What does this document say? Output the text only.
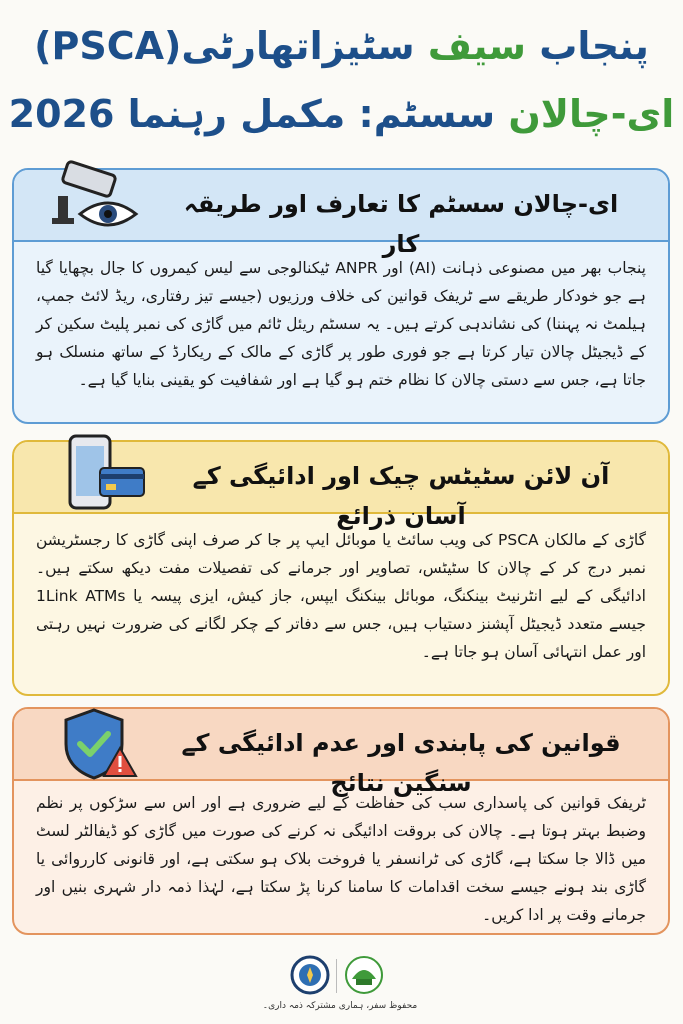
پنجاب سیف سٹیزاتھارٹی(PSCA)
ای-چالان سسٹم: مکمل رہنما 2026
ای-چالان سسٹم کا تعارف اور طریقہ کار
پنجاب بھر میں مصنوعی ذہانت (AI) اور ANPR ٹیکنالوجی سے لیس کیمروں کا جال بچھایا گیا ہے جو خودکار طریقے سے ٹریفک قوانین کی خلاف ورزیوں (جیسے تیز رفتاری، ریڈ لائٹ جمپ، ہیلمٹ نہ پہننا) کی نشاندہی کرتے ہیں۔ یہ سسٹم ریئل ٹائم میں گاڑی کی نمبر پلیٹ سکین کر کے ڈیجیٹل چالان تیار کرتا ہے جو فوری طور پر گاڑی کے مالک کے ریکارڈ کے ساتھ منسلک ہو جاتا ہے، جس سے دستی چالان کا نظام ختم ہو گیا ہے اور شفافیت کو یقینی بنایا گیا ہے۔
آن لائن سٹیٹس چیک اور ادائیگی کے آسان ذرائع
گاڑی کے مالکان PSCA کی ویب سائٹ یا موبائل ایپ پر جا کر صرف اپنی گاڑی کا رجسٹریشن نمبر درج کر کے چالان کا سٹیٹس، تصاویر اور جرمانے کی تفصیلات مفت دیکھ سکتے ہیں۔ ادائیگی کے لیے انٹرنیٹ بینکنگ، موبائل بینکنگ ایپس، جاز کیش، ایزی پیسہ یا 1Link ATMs جیسے متعدد ڈیجیٹل آپشنز دستیاب ہیں، جس سے دفاتر کے چکر لگانے کی ضرورت نہیں رہتی اور عمل انتہائی آسان ہو جاتا ہے۔
قوانین کی پابندی اور عدم ادائیگی کے سنگین نتائج
ٹریفک قوانین کی پاسداری سب کی حفاظت کے لیے ضروری ہے اور اس سے سڑکوں پر نظم وضبط بہتر ہوتا ہے۔ چالان کی بروقت ادائیگی نہ کرنے کی صورت میں گاڑی کو ڈیفالٹر لسٹ میں ڈالا جا سکتا ہے، گاڑی کی ٹرانسفر یا فروخت بلاک ہو سکتی ہے، اور قانونی کارروائی یا گاڑی بند ہونے جیسے سخت اقدامات کا سامنا کرنا پڑ سکتا ہے، لہٰذا ذمہ دار شہری بنیں اور جرمانے وقت پر ادا کریں۔
محفوظ سفر، ہماری مشترکہ ذمہ داری۔
